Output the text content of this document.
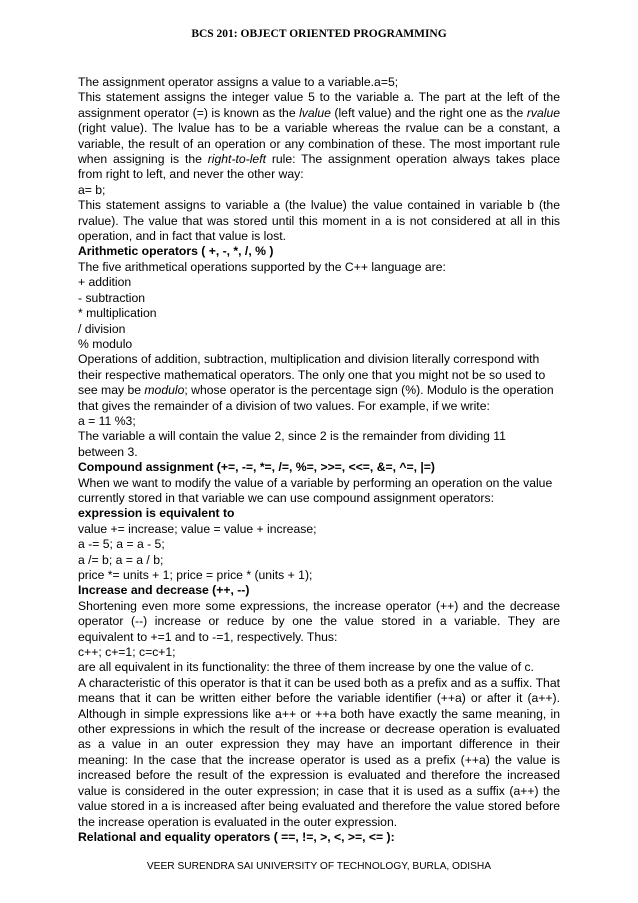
BCS 201: OBJECT ORIENTED PROGRAMMING

The assignment operator assigns a value to a variable.a=5;

This statement assigns the integer value 5 to the variable a. The part at the left of the assignment operator (=) is known as the lvalue (left value) and the right one as the rvalue (right value). The lvalue has to be a variable whereas the rvalue can be a constant, a variable, the result of an operation or any combination of these. The most important rule when assigning is the right-to-left rule: The assignment operation always takes place from right to left, and never the other way:

a= b;

This statement assigns to variable a (the lvalue) the value contained in variable b (the rvalue). The value that was stored until this moment in a is not considered at all in this operation, and in fact that value is lost.

Arithmetic operators ( +, -, *, /, % )

The five arithmetical operations supported by the C++ language are:

+ addition

- subtraction

* multiplication

/ division

% modulo

Operations of addition, subtraction, multiplication and division literally correspond with their respective mathematical operators. The only one that you might not be so used to see may be modulo; whose operator is the percentage sign (%). Modulo is the operation that gives the remainder of a division of two values. For example, if we write:

a = 11 %3;

The variable a will contain the value 2, since 2 is the remainder from dividing 11 between 3.

Compound assignment (+=, -=, *=, /=, %=, >>=, <<=, &=, ^=, |=)

When we want to modify the value of a variable by performing an operation on the value currently stored in that variable we can use compound assignment operators:

expression is equivalent to

value += increase; value = value + increase;

a -= 5; a = a - 5;

a /= b; a = a / b;

price *= units + 1; price = price * (units + 1);

Increase and decrease (++, --)

Shortening even more some expressions, the increase operator (++) and the decrease operator (--) increase or reduce by one the value stored in a variable. They are equivalent to +=1 and to -=1, respectively. Thus:

c++; c+=1; c=c+1;

are all equivalent in its functionality: the three of them increase by one the value of c.

A characteristic of this operator is that it can be used both as a prefix and as a suffix. That means that it can be written either before the variable identifier (++a) or after it (a++). Although in simple expressions like a++ or ++a both have exactly the same meaning, in other expressions in which the result of the increase or decrease operation is evaluated as a value in an outer expression they may have an important difference in their meaning: In the case that the increase operator is used as a prefix (++a) the value is increased before the result of the expression is evaluated and therefore the increased value is considered in the outer expression; in case that it is used as a suffix (a++) the value stored in a is increased after being evaluated and therefore the value stored before the increase operation is evaluated in the outer expression.

Relational and equality operators ( ==, !=, >, <, >=, <= ):

VEER SURENDRA SAI UNIVERSITY OF TECHNOLOGY, BURLA, ODISHA
